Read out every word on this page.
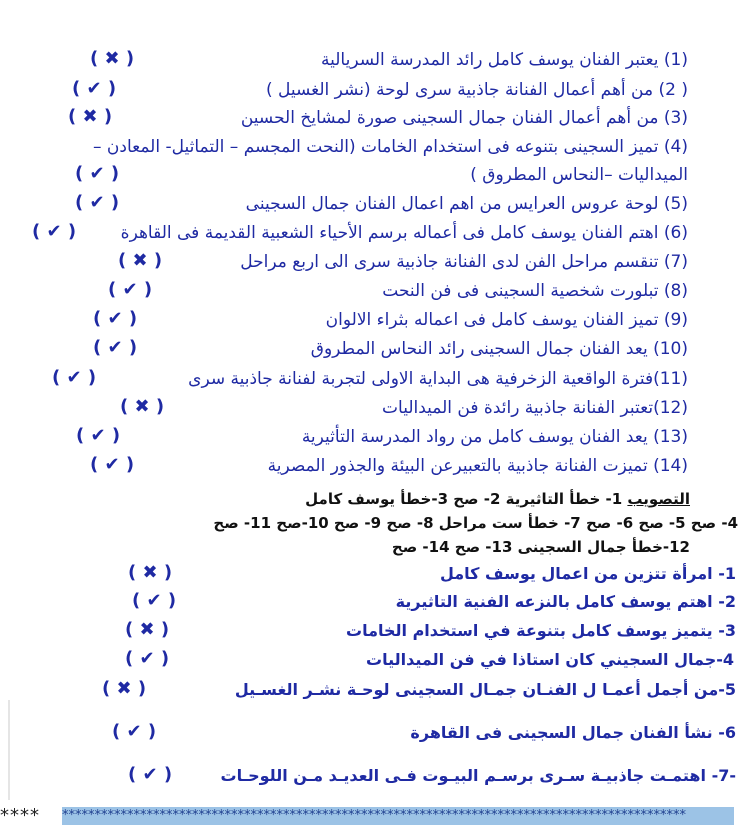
(1) يعتبر الفنان يوسف كامل رائد المدرسة السريالية
( ✖ )
( 2) من أهم أعمال الفنانة جاذبية سرى لوحة (نشر الغسيل )
( ✔ )
(3) من أهم أعمال الفنان جمال السجينى صورة لمشايخ الحسين
( ✖ )
(4) تميز السجينى بتنوعه فى استخدام الخامات (النحت المجسم – التماثيل- المعادن –
الميداليات –النحاس المطروق )
( ✔ )
(5) لوحة عروس العرايس من اهم اعمال الفنان جمال السجينى
( ✔ )
(6) اهتم الفنان يوسف كامل فى أعماله برسم الأحياء الشعبية القديمة فى القاهرة
( ✔ )
(7) تنقسم مراحل الفن لدى الفنانة جاذبية سرى الى اربع مراحل
( ✖ )
(8) تبلورت شخصية السجينى فى فن النحت
( ✔ )
(9) تميز الفنان يوسف كامل فى اعماله بثراء الالوان
( ✔ )
(10) يعد الفنان جمال السجينى رائد النحاس المطروق
( ✔ )
(11)فترة الواقعية الزخرفية هى البداية الاولى لتجربة لفنانة جاذبية سرى
( ✔ )
(12)تعتبر الفنانة جاذبية رائدة فن الميداليات
( ✖ )
(13) يعد الفنان يوسف كامل من رواد المدرسة التأثيرية
( ✔ )
(14) تميزت الفنانة جاذبية بالتعبيرعن البيئة والجذور المصرية
( ✔ )
التصويب 1- خطأ التاثيرية 2- صح 3-خطأ يوسف كامل
4- صح 5- صح 6- صح 7- خطأ ست مراحل 8- صح 9- صح 10-صح 11- صح
12-خطأ جمال السجينى 13- صح 14- صح
1- امرأة تتزين من اعمال يوسف كامل
( ✖ )
2- اهتم يوسف كامل بالنزعه الفنية التاثيرية
( ✔ )
3- يتميز يوسف كامل بتنوعة في استخدام الخامات
( ✖ )
4-جمال السجيني كان استاذا في فن الميداليات
( ✔ )
5-من أجمل أعمـا ل الفنـان جمـال السجينى لوحـة نشـر الغسـيل
( ✖ )
6- نشأ الفنان جمال السجينى فى القاهرة
( ✔ )
-7- اهتمـت جاذبيـة سـرى برسـم البيـوت فـى العديـد مـن اللوحـات
( ✔ )
**** ************************************************************************************************
